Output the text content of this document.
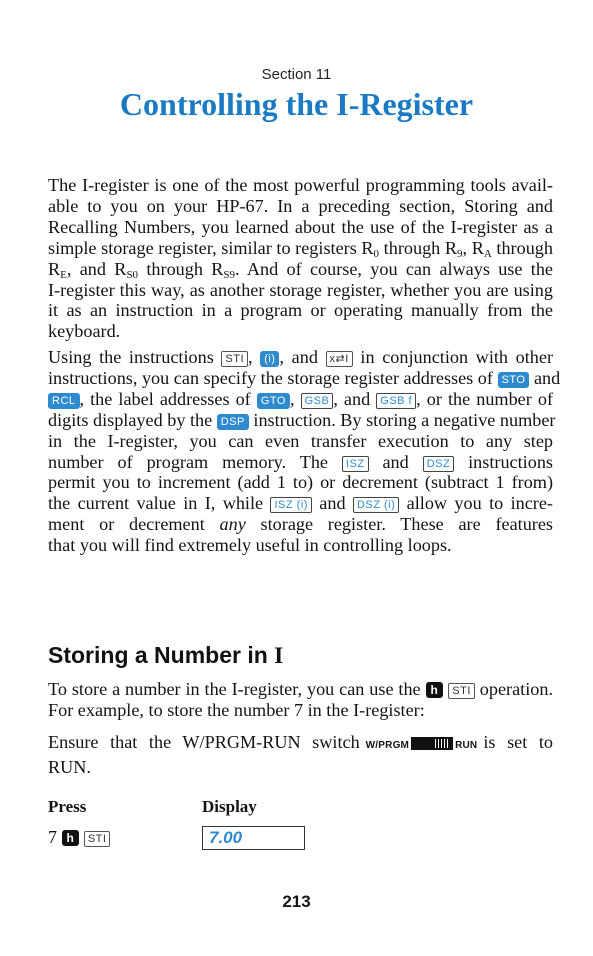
Section 11
Controlling the I-Register
The I-register is one of the most powerful programming tools avail-
able to you on your HP-67. In a preceding section, Storing and
Recalling Numbers, you learned about the use of the I-register as a
simple storage register, similar to registers $R_0$ through $R_9$, $R_A$ through
$R_E$, and $R_{S0}$ through $R_{S9}$. And of course, you can always use the
I-register this way, as another storage register, whether you are using
it as an instruction in a program or operating manually from the
keyboard.
Using the instructions STI , (i) , and x⇄I in conjunction with other
instructions, you can specify the storage register addresses of STO and
RCL , the label addresses of GTO , GSB , and GSB f , or the number of
digits displayed by the DSP instruction. By storing a negative number
in the I-register, you can even transfer execution to any step
number of program memory. The ISZ and DSZ instructions
permit you to increment (add 1 to) or decrement (subtract 1 from)
the current value in I, while ISZ (i) and DSZ (i) allow you to incre-
ment or decrement any storage register. These are features
that you will find extremely useful in controlling loops.
Storing a Number in I
To store a number in the I-register, you can use the h STI operation.
For example, to store the number 7 in the I-register:
Ensure that the W/PRGM-RUN switch W/PRGM	RUN is set to
RUN.
Press	Display
7 h STI	7.00
213
